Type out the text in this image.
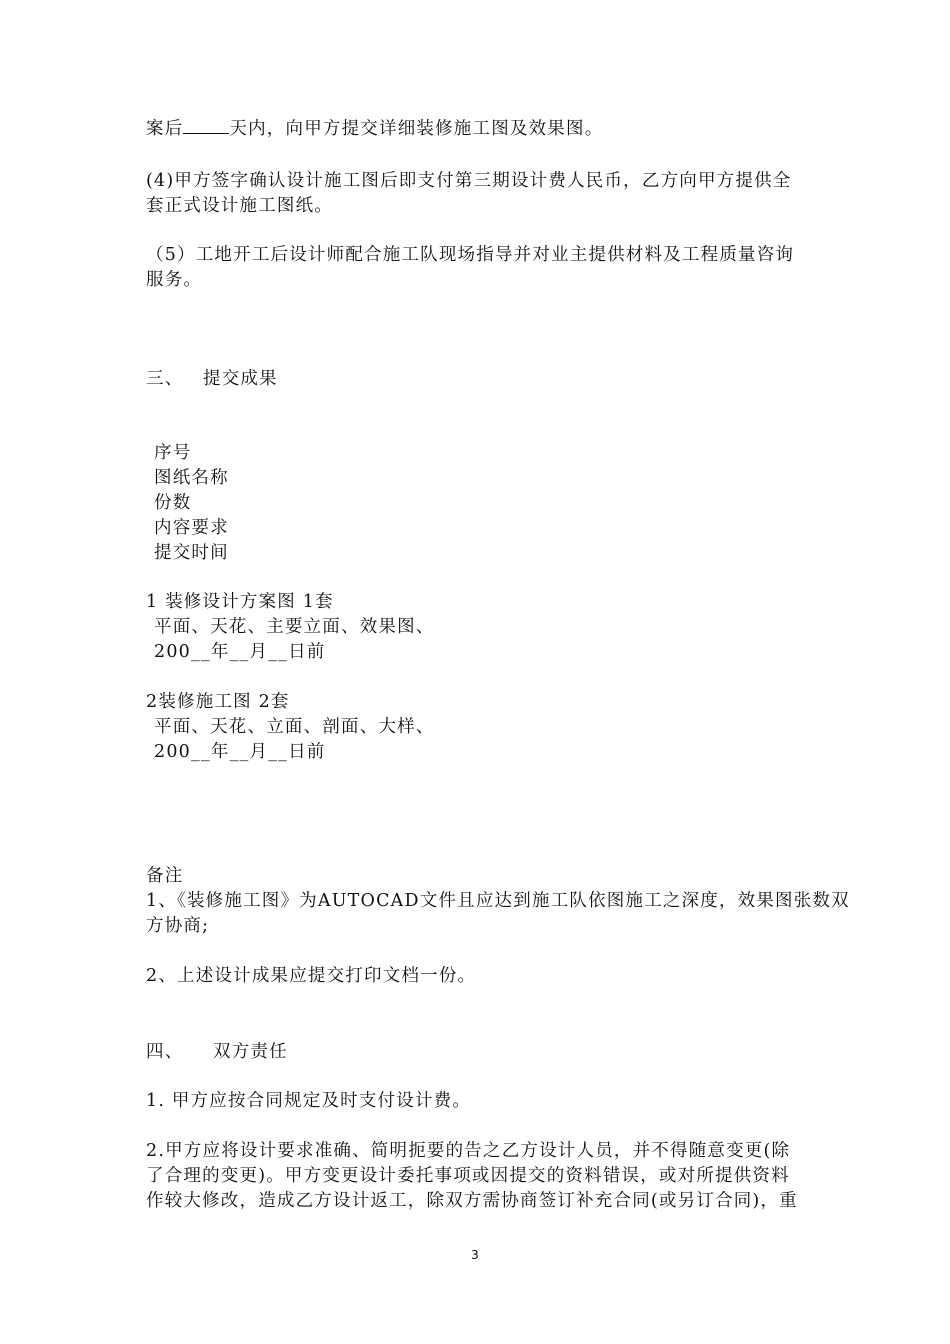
案后	天内，向甲方提交详细装修施工图及效果图。

(4)甲方签字确认设计施工图后即支付第三期设计费人民币，乙方向甲方提供全

套正式设计施工图纸。

（5）工地开工后设计师配合施工队现场指导并对业主提供材料及工程质量咨询

服务。

三、 提交成果

序号

图纸名称

份数

内容要求

提交时间

1 装修设计方案图 1套

平面、天花、主要立面、效果图、

200__年__月__日前

2装修施工图 2套

平面、天花、立面、剖面、大样、

200__年__月__日前

备注

1、《装修施工图》为AUTOCAD文件且应达到施工队依图施工之深度，效果图张数双

方协商;

2、上述设计成果应提交打印文档一份。

四、 双方责任

1. 甲方应按合同规定及时支付设计费。

2.甲方应将设计要求准确、简明扼要的告之乙方设计人员，并不得随意变更(除

了合理的变更)。甲方变更设计委托事项或因提交的资料错误，或对所提供资料

作较大修改，造成乙方设计返工，除双方需协商签订补充合同(或另订合同)，重

3
